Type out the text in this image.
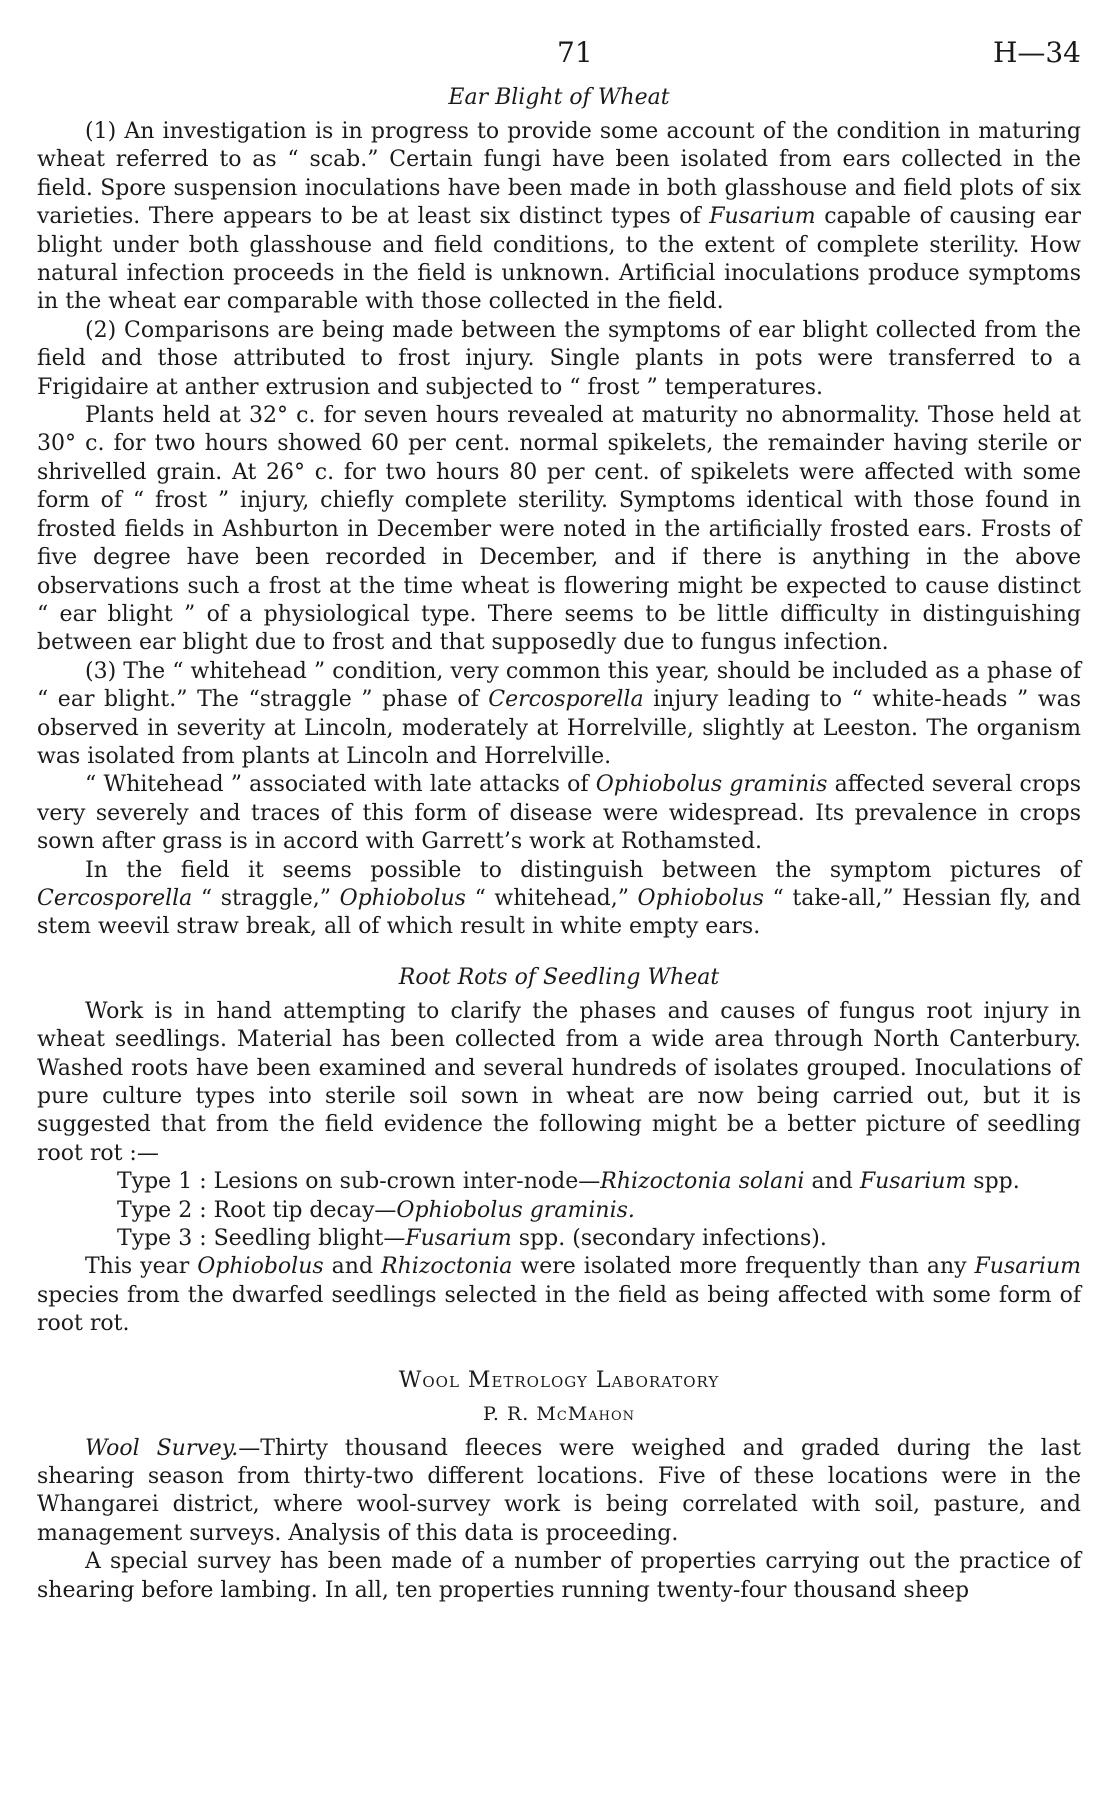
71	H—34
Ear Blight of Wheat

(1) An investigation is in progress to provide some account of the condition in maturing wheat referred to as “ scab.” Certain fungi have been isolated from ears collected in the field. Spore suspension inoculations have been made in both glasshouse and field plots of six varieties. There appears to be at least six distinct types of Fusarium capable of causing ear blight under both glasshouse and field conditions, to the extent of complete sterility. How natural infection proceeds in the field is unknown. Artificial inoculations produce symptoms in the wheat ear comparable with those collected in the field.

(2) Comparisons are being made between the symptoms of ear blight collected from the field and those attributed to frost injury. Single plants in pots were transferred to a Frigidaire at anther extrusion and subjected to “ frost ” temperatures.

Plants held at 32° c. for seven hours revealed at maturity no abnormality. Those held at 30° c. for two hours showed 60 per cent. normal spikelets, the remainder having sterile or shrivelled grain. At 26° c. for two hours 80 per cent. of spikelets were affected with some form of “ frost ” injury, chiefly complete sterility. Symptoms identical with those found in frosted fields in Ashburton in December were noted in the artificially frosted ears. Frosts of five degree have been recorded in December, and if there is anything in the above observations such a frost at the time wheat is flowering might be expected to cause distinct “ ear blight ” of a physiological type. There seems to be little difficulty in distinguishing between ear blight due to frost and that supposedly due to fungus infection.

(3) The “ whitehead ” condition, very common this year, should be included as a phase of “ ear blight.” The “straggle ” phase of Cercosporella injury leading to “ white-heads ” was observed in severity at Lincoln, moderately at Horrelville, slightly at Leeston. The organism was isolated from plants at Lincoln and Horrelville.

“ Whitehead ” associated with late attacks of Ophiobolus graminis affected several crops very severely and traces of this form of disease were widespread. Its prevalence in crops sown after grass is in accord with Garrett’s work at Rothamsted.

In the field it seems possible to distinguish between the symptom pictures of Cercosporella “ straggle,” Ophiobolus “ whitehead,” Ophiobolus “ take-all,” Hessian fly, and stem weevil straw break, all of which result in white empty ears.

Root Rots of Seedling Wheat

Work is in hand attempting to clarify the phases and causes of fungus root injury in wheat seedlings. Material has been collected from a wide area through North Canterbury. Washed roots have been examined and several hundreds of isolates grouped. Inoculations of pure culture types into sterile soil sown in wheat are now being carried out, but it is suggested that from the field evidence the following might be a better picture of seedling root rot :—

Type 1 : Lesions on sub-crown inter-node—Rhizoctonia solani and Fusarium spp.
Type 2 : Root tip decay—Ophiobolus graminis.
Type 3 : Seedling blight—Fusarium spp. (secondary infections).

This year Ophiobolus and Rhizoctonia were isolated more frequently than any Fusarium species from the dwarfed seedlings selected in the field as being affected with some form of root rot.

Wool Metrology Laboratory
P. R. McMahon

Wool Survey.—Thirty thousand fleeces were weighed and graded during the last shearing season from thirty-two different locations. Five of these locations were in the Whangarei district, where wool-survey work is being correlated with soil, pasture, and management surveys. Analysis of this data is proceeding.

A special survey has been made of a number of properties carrying out the practice of shearing before lambing. In all, ten properties running twenty-four thousand sheep
